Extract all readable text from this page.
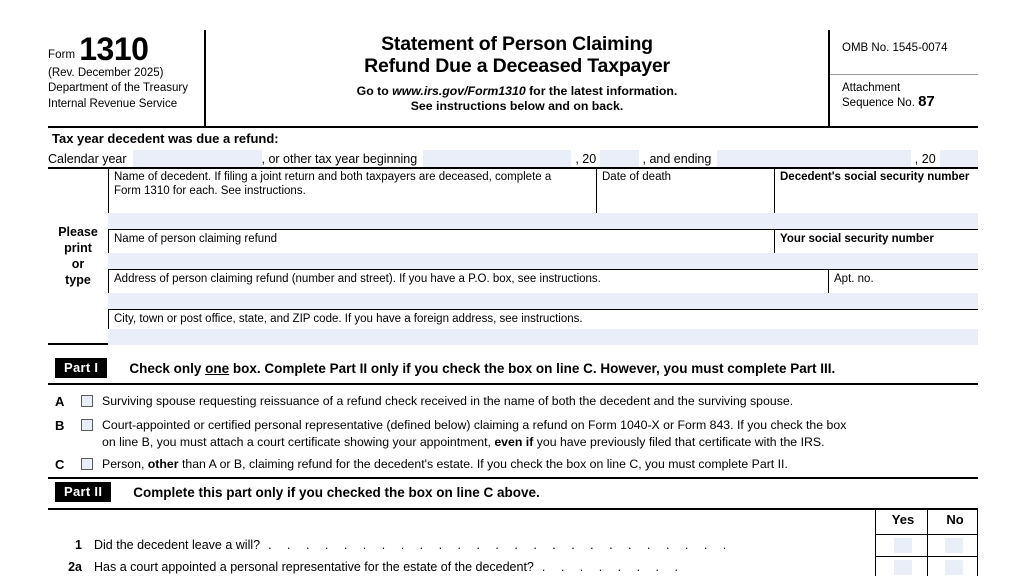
Form 1310
(Rev. December 2025)
Department of the Treasury
Internal Revenue Service
Statement of Person Claiming
Refund Due a Deceased Taxpayer
Go to www.irs.gov/Form1310 for the latest information.
See instructions below and on back.
OMB No. 1545-0074
Attachment
Sequence No. 87
Tax year decedent was due a refund:
Calendar year	, or other tax year beginning	, 20	, and ending	, 20
Please
print
or
type
Name of decedent. If filing a joint return and both taxpayers are deceased, complete a
Form 1310 for each. See instructions.
Date of death	Decedent's social security number
Name of person claiming refund	Your social security number
Address of person claiming refund (number and street). If you have a P.O. box, see instructions.	Apt. no.
City, town or post office, state, and ZIP code. If you have a foreign address, see instructions.
Part I	Check only one box. Complete Part II only if you check the box on line C. However, you must complete Part III.
A	Surviving spouse requesting reissuance of a refund check received in the name of both the decedent and the surviving spouse.
B	Court-appointed or certified personal representative (defined below) claiming a refund on Form 1040-X or Form 843. If you check the box
on line B, you must attach a court certificate showing your appointment, even if you have previously filed that certificate with the IRS.
C	Person, other than A or B, claiming refund for the decedent's estate. If you check the box on line C, you must complete Part II.
Part II	Complete this part only if you checked the box on line C above.
Yes	No
1 Did the decedent leave a will? . . . . . . . . . . . . . . . . . . . . . . . . .
2a Has a court appointed a personal representative for the estate of the decedent? . . . . . . . .
